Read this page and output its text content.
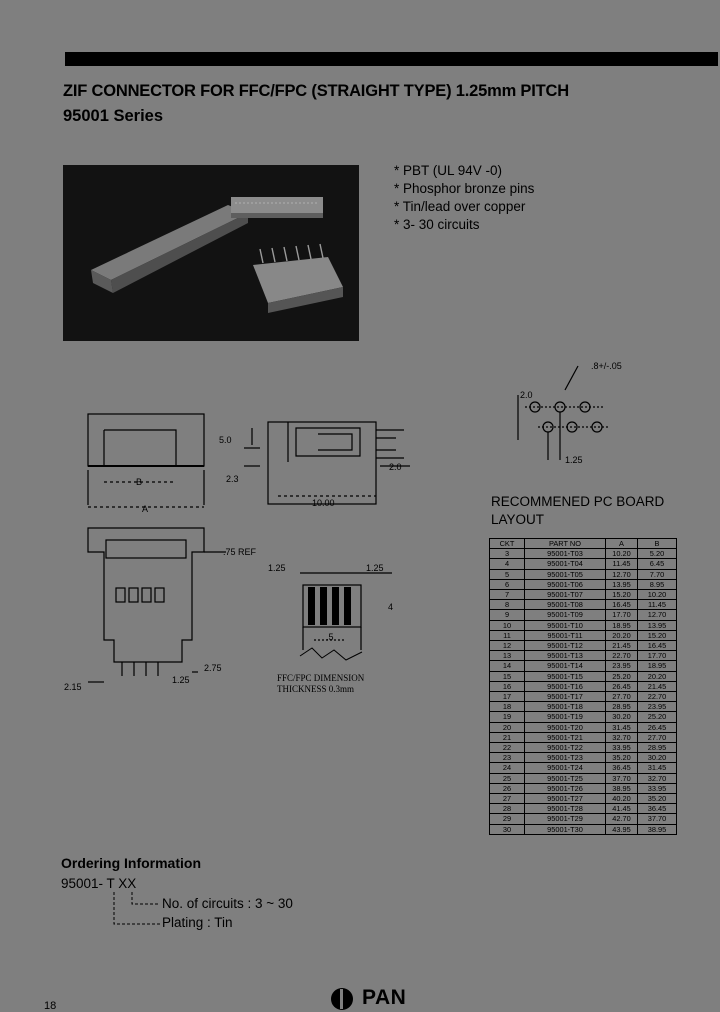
ZIF CONNECTOR FOR FFC/FPC (STRAIGHT TYPE) 1.25mm PITCH
95001 Series
* PBT (UL 94V -0)
* Phosphor bronze pins
* Tin/lead over copper
* 3- 30 circuits
5.0
2.3
2.0
10.00
B
A
.75 REF
1.25	1.25
4
.5
2.75
1.25
2.15
FFC/FPC DIMENSION
THICKNESS 0.3mm
.8+/-.05
2.0
1.25
RECOMMENED PC BOARD
LAYOUT
CKT	PART NO	A	B
3	95001-T03	10.20	5.20
4	95001-T04	11.45	6.45
5	95001-T05	12.70	7.70
6	95001-T06	13.95	8.95
7	95001-T07	15.20	10.20
8	95001-T08	16.45	11.45
9	95001-T09	17.70	12.70
10	95001-T10	18.95	13.95
11	95001-T11	20.20	15.20
12	95001-T12	21.45	16.45
13	95001-T13	22.70	17.70
14	95001-T14	23.95	18.95
15	95001-T15	25.20	20.20
16	95001-T16	26.45	21.45
17	95001-T17	27.70	22.70
18	95001-T18	28.95	23.95
19	95001-T19	30.20	25.20
20	95001-T20	31.45	26.45
21	95001-T21	32.70	27.70
22	95001-T22	33.95	28.95
23	95001-T23	35.20	30.20
24	95001-T24	36.45	31.45
25	95001-T25	37.70	32.70
26	95001-T26	38.95	33.95
27	95001-T27	40.20	35.20
28	95001-T28	41.45	36.45
29	95001-T29	42.70	37.70
30	95001-T30	43.95	38.95
Ordering Information
95001- T XX
No. of circuits : 3 ~ 30
Plating : Tin
18	PAN
